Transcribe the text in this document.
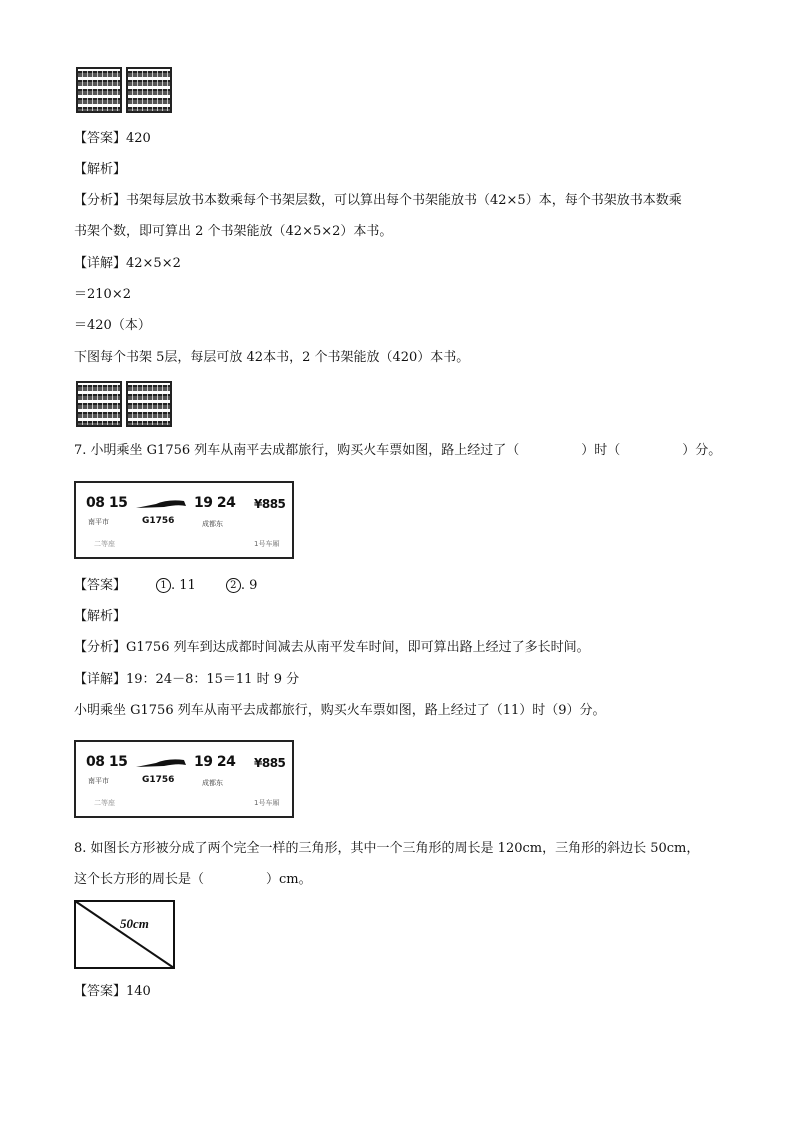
【答案】420
【解析】
【分析】书架每层放书本数乘每个书架层数，可以算出每个书架能放书（42×5）本，每个书架放书本数乘
书架个数，即可算出 2 个书架能放（42×5×2）本书。
【详解】42×5×2
＝210×2
＝420（本）
下图每个书架 5层，每层可放 42本书，2 个书架能放（420）本书。
7. 小明乘坐 G1756 列车从南平去成都旅行，购买火车票如图，路上经过了（	）时（	）分。
08 15	19 24 ¥885
南平市	G1756	成都东
二等座	1号车厢
【答案】	1 . 11	2 . 9
【解析】
【分析】G1756 列车到达成都时间减去从南平发车时间，即可算出路上经过了多长时间。
【详解】19：24－8：15＝11 时 9 分
小明乘坐 G1756 列车从南平去成都旅行，购买火车票如图，路上经过了（11）时（9）分。
08 15	19 24 ¥885
南平市	G1756	成都东
二等座	1号车厢
8. 如图长方形被分成了两个完全一样的三角形，其中一个三角形的周长是 120cm，三角形的斜边长 50cm，
这个长方形的周长是（	）cm。
50cm
【答案】140
